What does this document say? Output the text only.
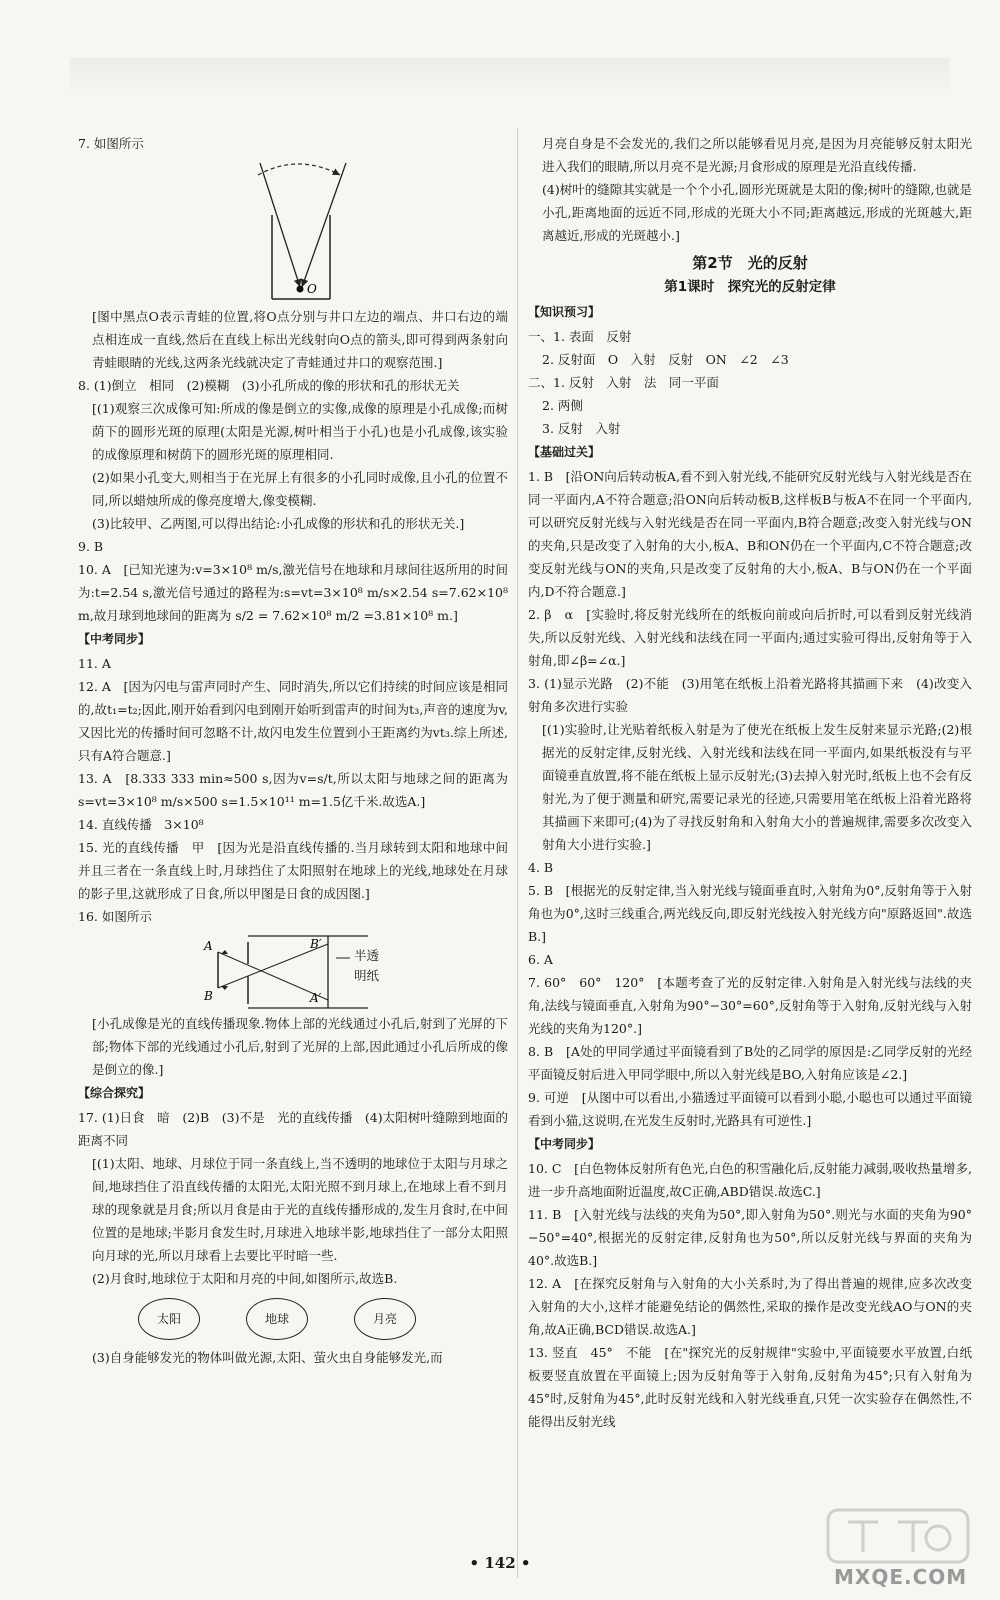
7. 如图所示

O

[图中黑点O表示青蛙的位置,将O点分别与井口左边的端点、井口右边的端点相连成一直线,然后在直线上标出光线射向O点的箭头,即可得到两条射向青蛙眼睛的光线,这两条光线就决定了青蛙通过井口的观察范围.]

8. (1)倒立　相同　(2)模糊　(3)小孔所成的像的形状和孔的形状无关

[(1)观察三次成像可知:所成的像是倒立的实像,成像的原理是小孔成像;而树荫下的圆形光斑的原理(太阳是光源,树叶相当于小孔)也是小孔成像,该实验的成像原理和树荫下的圆形光斑的原理相同.

(2)如果小孔变大,则相当于在光屏上有很多的小孔同时成像,且小孔的位置不同,所以蜡烛所成的像亮度增大,像变模糊.

(3)比较甲、乙两图,可以得出结论:小孔成像的形状和孔的形状无关.]

9. B

10. A　[已知光速为:v=3×10⁸ m/s,激光信号在地球和月球间往返所用的时间为:t=2.54 s,激光信号通过的路程为:s=vt=3×10⁸ m/s×2.54 s=7.62×10⁸ m,故月球到地球间的距离为 s/2 = 7.62×10⁸ m/2 =3.81×10⁸ m.]

【中考同步】

11. A

12. A　[因为闪电与雷声同时产生、同时消失,所以它们持续的时间应该是相同的,故t₁=t₂;因此,刚开始看到闪电到刚开始听到雷声的时间为t₃,声音的速度为v,又因比光的传播时间可忽略不计,故闪电发生位置到小王距离约为vt₃.综上所述,只有A符合题意.]

13. A　[8.333 333 min≈500 s,因为v=s/t,所以太阳与地球之间的距离为s=vt=3×10⁸ m/s×500 s=1.5×10¹¹ m=1.5亿千米.故选A.]

14. 直线传播　3×10⁸

15. 光的直线传播　甲　[因为光是沿直线传播的.当月球转到太阳和地球中间并且三者在一条直线上时,月球挡住了太阳照射在地球上的光线,地球处在月球的影子里,这就形成了日食,所以甲图是日食的成因图.]

16. 如图所示

A
B	A′
B′
半透明纸

[小孔成像是光的直线传播现象.物体上部的光线通过小孔后,射到了光屏的下部;物体下部的光线通过小孔后,射到了光屏的上部,因此通过小孔后所成的像是倒立的像.]

【综合探究】

17. (1)日食　暗　(2)B　(3)不是　光的直线传播　(4)太阳树叶缝隙到地面的距离不同

[(1)太阳、地球、月球位于同一条直线上,当不透明的地球位于太阳与月球之间,地球挡住了沿直线传播的太阳光,太阳光照不到月球上,在地球上看不到月球的现象就是月食;所以月食是由于光的直线传播形成的,发生月食时,在中间位置的是地球;半影月食发生时,月球进入地球半影,地球挡住了一部分太阳照向月球的光,所以月球看上去要比平时暗一些.

(2)月食时,地球位于太阳和月亮的中间,如图所示,故选B.

太阳	地球	月亮

(3)自身能够发光的物体叫做光源,太阳、萤火虫自身能够发光,而

月亮自身是不会发光的,我们之所以能够看见月亮,是因为月亮能够反射太阳光进入我们的眼睛,所以月亮不是光源;月食形成的原理是光沿直线传播.

(4)树叶的缝隙其实就是一个个小孔,圆形光斑就是太阳的像;树叶的缝隙,也就是小孔,距离地面的远近不同,形成的光斑大小不同;距离越远,形成的光斑越大,距离越近,形成的光斑越小.]

第2节　光的反射
第1课时　探究光的反射定律

【知识预习】

一、1. 表面　反射

2. 反射面　O　入射　反射　ON　∠2　∠3

二、1. 反射　入射　法　同一平面

2. 两侧

3. 反射　入射

【基础过关】

1. B　[沿ON向后转动板A,看不到入射光线,不能研究反射光线与入射光线是否在同一平面内,A不符合题意;沿ON向后转动板B,这样板B与板A不在同一个平面内,可以研究反射光线与入射光线是否在同一平面内,B符合题意;改变入射光线与ON的夹角,只是改变了入射角的大小,板A、B和ON仍在一个平面内,C不符合题意;改变反射光线与ON的夹角,只是改变了反射角的大小,板A、B与ON仍在一个平面内,D不符合题意.]

2. β　α　[实验时,将反射光线所在的纸板向前或向后折时,可以看到反射光线消失,所以反射光线、入射光线和法线在同一平面内;通过实验可得出,反射角等于入射角,即∠β=∠α.]

3. (1)显示光路　(2)不能　(3)用笔在纸板上沿着光路将其描画下来　(4)改变入射角多次进行实验

[(1)实验时,让光贴着纸板入射是为了使光在纸板上发生反射来显示光路;(2)根据光的反射定律,反射光线、入射光线和法线在同一平面内,如果纸板没有与平面镜垂直放置,将不能在纸板上显示反射光;(3)去掉入射光时,纸板上也不会有反射光,为了便于测量和研究,需要记录光的径迹,只需要用笔在纸板上沿着光路将其描画下来即可;(4)为了寻找反射角和入射角大小的普遍规律,需要多次改变入射角大小进行实验.]

4. B

5. B　[根据光的反射定律,当入射光线与镜面垂直时,入射角为0°,反射角等于入射角也为0°,这时三线重合,两光线反向,即反射光线按入射光线方向"原路返回".故选B.]

6. A

7. 60°　60°　120°　[本题考查了光的反射定律.入射角是入射光线与法线的夹角,法线与镜面垂直,入射角为90°−30°=60°,反射角等于入射角,反射光线与入射光线的夹角为120°.]

8. B　[A处的甲同学通过平面镜看到了B处的乙同学的原因是:乙同学反射的光经平面镜反射后进入甲同学眼中,所以入射光线是BO,入射角应该是∠2.]

9. 可逆　[从图中可以看出,小猫透过平面镜可以看到小聪,小聪也可以通过平面镜看到小猫,这说明,在光发生反射时,光路具有可逆性.]

【中考同步】

10. C　[白色物体反射所有色光,白色的积雪融化后,反射能力减弱,吸收热量增多,进一步升高地面附近温度,故C正确,ABD错误.故选C.]

11. B　[入射光线与法线的夹角为50°,即入射角为50°.则光与水面的夹角为90°−50°=40°,根据光的反射定律,反射角也为50°,所以反射光线与界面的夹角为40°.故选B.]

12. A　[在探究反射角与入射角的大小关系时,为了得出普遍的规律,应多次改变入射角的大小,这样才能避免结论的偶然性,采取的操作是改变光线AO与ON的夹角,故A正确,BCD错误.故选A.]

13. 竖直　45°　不能　[在"探究光的反射规律"实验中,平面镜要水平放置,白纸板要竖直放置在平面镜上;因为反射角等于入射角,反射角为45°;只有入射角为45°时,反射角为45°,此时反射光线和入射光线垂直,只凭一次实验存在偶然性,不能得出反射光线

• 142 •
MXQE.COM
